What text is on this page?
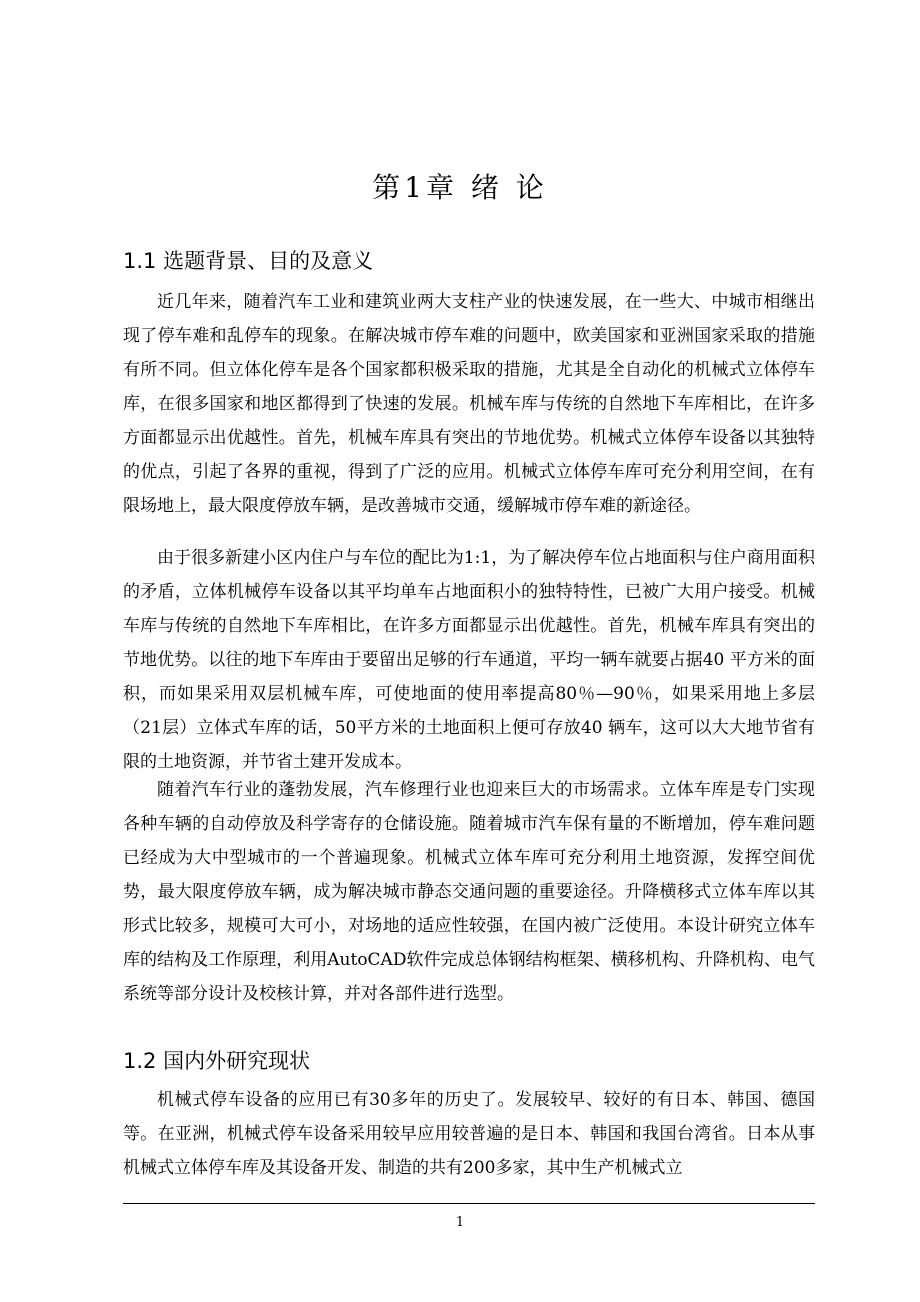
第1章 绪 论
1.1 选题背景、目的及意义

近几年来，随着汽车工业和建筑业两大支柱产业的快速发展，在一些大、中城市相继出现了停车难和乱停车的现象。在解决城市停车难的问题中，欧美国家和亚洲国家采取的措施有所不同。但立体化停车是各个国家都积极采取的措施，尤其是全自动化的机械式立体停车库，在很多国家和地区都得到了快速的发展。机械车库与传统的自然地下车库相比，在许多方面都显示出优越性。首先，机械车库具有突出的节地优势。机械式立体停车设备以其独特的优点，引起了各界的重视，得到了广泛的应用。机械式立体停车库可充分利用空间，在有限场地上，最大限度停放车辆，是改善城市交通，缓解城市停车难的新途径。

由于很多新建小区内住户与车位的配比为1:1，为了解决停车位占地面积与住户商用面积的矛盾，立体机械停车设备以其平均单车占地面积小的独特特性，已被广大用户接受。机械车库与传统的自然地下车库相比，在许多方面都显示出优越性。首先，机械车库具有突出的节地优势。以往的地下车库由于要留出足够的行车通道，平均一辆车就要占据40 平方米的面积，而如果采用双层机械车库，可使地面的使用率提高80％—90％，如果采用地上多层（21层）立体式车库的话，50平方米的土地面积上便可存放40 辆车，这可以大大地节省有限的土地资源，并节省土建开发成本。

随着汽车行业的蓬勃发展，汽车修理行业也迎来巨大的市场需求。立体车库是专门实现各种车辆的自动停放及科学寄存的仓储设施。随着城市汽车保有量的不断增加，停车难问题已经成为大中型城市的一个普遍现象。机械式立体车库可充分利用土地资源，发挥空间优势，最大限度停放车辆，成为解决城市静态交通问题的重要途径。升降横移式立体车库以其形式比较多，规模可大可小，对场地的适应性较强，在国内被广泛使用。本设计研究立体车库的结构及工作原理，利用AutoCAD软件完成总体钢结构框架、横移机构、升降机构、电气系统等部分设计及校核计算，并对各部件进行选型。

1.2 国内外研究现状

机械式停车设备的应用已有30多年的历史了。发展较早、较好的有日本、韩国、德国等。在亚洲，机械式停车设备采用较早应用较普遍的是日本、韩国和我国台湾省。日本从事机械式立体停车库及其设备开发、制造的共有200多家，其中生产机械式立

1
